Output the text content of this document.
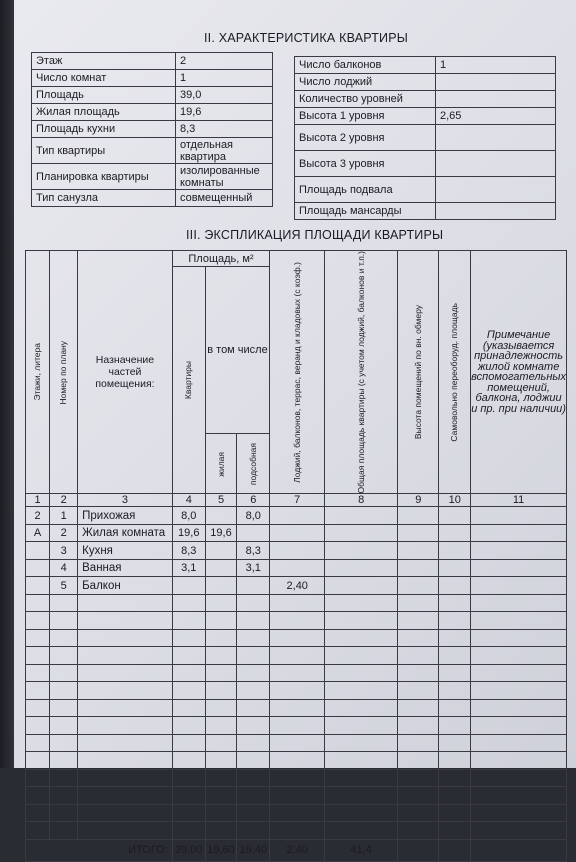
II. ХАРАКТЕРИСТИКА КВАРТИРЫ
Этаж	2
Число комнат	1
Площадь	39,0
Жилая площадь	19,6
Площадь кухни	8,3
Тип квартиры	отдельная квартира
Планировка квартиры	изолированные комнаты
Тип санузла	совмещенный
Число балконов	1
Число лоджий	
Количество уровней	
Высота 1 уровня	2,65
Высота 2 уровня	
Высота 3 уровня	
Площадь подвала	
Площадь мансарды	
III. ЭКСПЛИКАЦИЯ ПЛОЩАДИ КВАРТИРЫ
Этажи, литера	Номер по плану	Назначение частей помещения:	Площадь, м²			Лоджий, балконов, террас, веранд и кладовых (с коэф.)	Общая площадь квартиры (с учетом лоджий, балконов и т.п.)	Высота помещений по вн. обмеру	Самовольно переоборуд. площадь	Примечание (указывается принадлежность жилой комнате вспомогательных помещений, балкона, лоджии и пр. при наличии)

			Квартиры	в том числе						

				жилая	подсобная					

1	2	3	4	5	6	7	8	9	10	11
2	1	Прихожая	8,0		8,0					
А	2	Жилая комната	19,6	19,6						
	3	Кухня	8,3		8,3					
	4	Ванная	3,1		3,1					
	5	Балкон				2,40				

ИТОГО:			39,00	19,60	19,40	2,40	41,4			
